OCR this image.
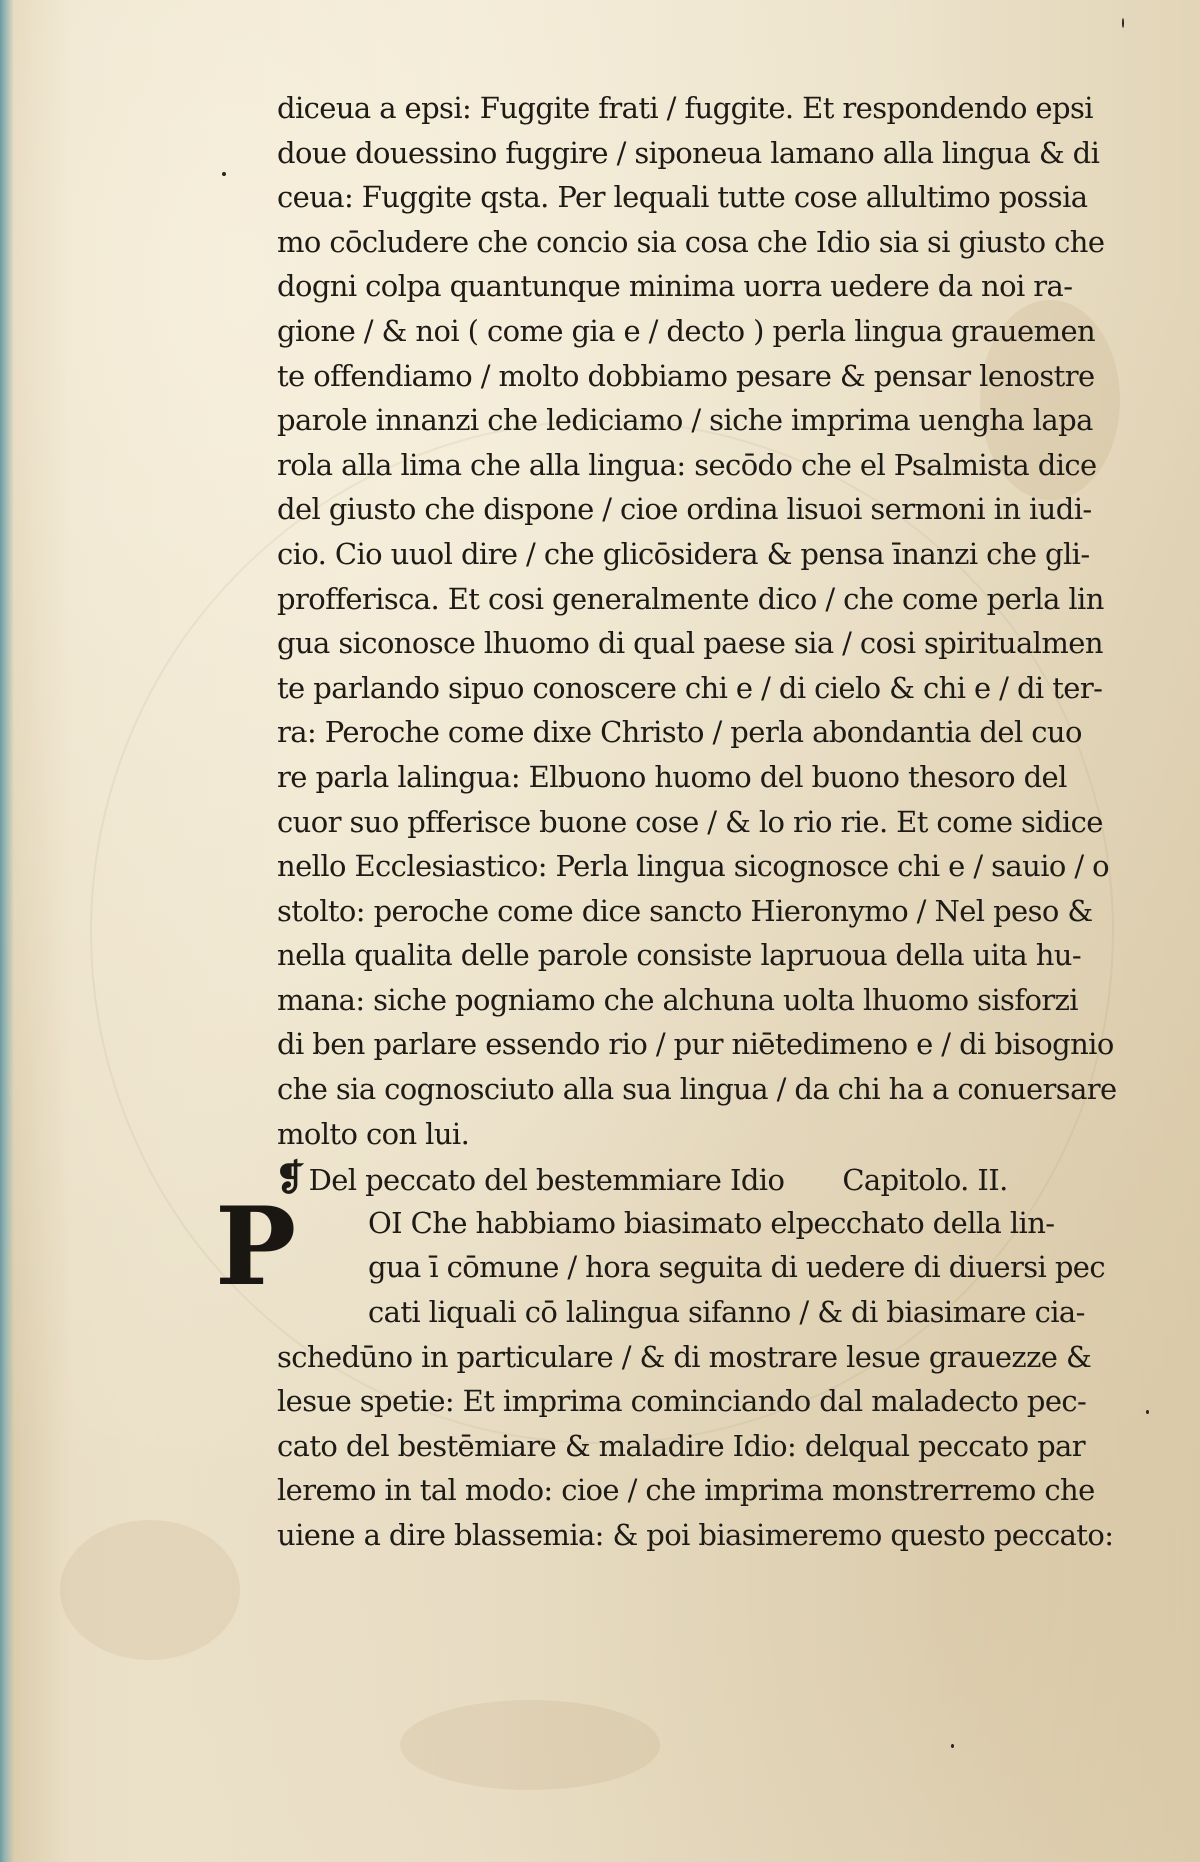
diceua a epsi: Fuggite frati / fuggite. Et respondendo epsi
doue douessino fuggire / siponeua lamano alla lingua & di
ceua: Fuggite qsta. Per lequali tutte cose allultimo possia
mo cōcludere che concio sia cosa che Idio sia si giusto che
dogni colpa quantunque minima uorra uedere da noi ra-
gione / & noi ( come gia e / decto ) perla lingua grauemen
te offendiamo / molto dobbiamo pesare & pensar lenostre
parole innanzi che lediciamo / siche imprima uengha lapa
rola alla lima che alla lingua: secōdo che el Psalmista dice
del giusto che dispone / cioe ordina lisuoi sermoni in iudi-
cio. Cio uuol dire / che glicōsidera & pensa īnanzi che gli-
profferisca. Et cosi generalmente dico / che come perla lin
gua siconosce lhuomo di qual paese sia / cosi spiritualmen
te parlando sipuo conoscere chi e / di cielo & chi e / di ter-
ra: Peroche come dixe Christo / perla abondantia del cuo
re parla lalingua: Elbuono huomo del buono thesoro del
cuor suo pfferisce buone cose / & lo rio rie. Et come sidice
nello Ecclesiastico: Perla lingua sicognosce chi e / sauio / o
stolto: peroche come dice sancto Hieronymo / Nel peso &
nella qualita delle parole consiste lapruoua della uita hu-
mana: siche pogniamo che alchuna uolta lhuomo sisforzi
di ben parlare essendo rio / pur niētedimeno e / di bisognio
che sia cognosciuto alla sua lingua / da chi ha a conuersare
molto con lui.
❡ Del peccato del bestemmiare Idio Capitolo. II.
OI Che habbiamo biasimato elpecchato della lin-
gua ī cōmune / hora seguita di uedere di diuersi pec
cati liquali cō lalingua sifanno / & di biasimare cia-
schedūno in particulare / & di mostrare lesue grauezze &
lesue spetie: Et imprima cominciando dal maladecto pec-
cato del bestēmiare & maladire Idio: delqual peccato par
leremo in tal modo: cioe / che imprima monstrerremo che
uiene a dire blassemia: & poi biasimeremo questo peccato:
P
